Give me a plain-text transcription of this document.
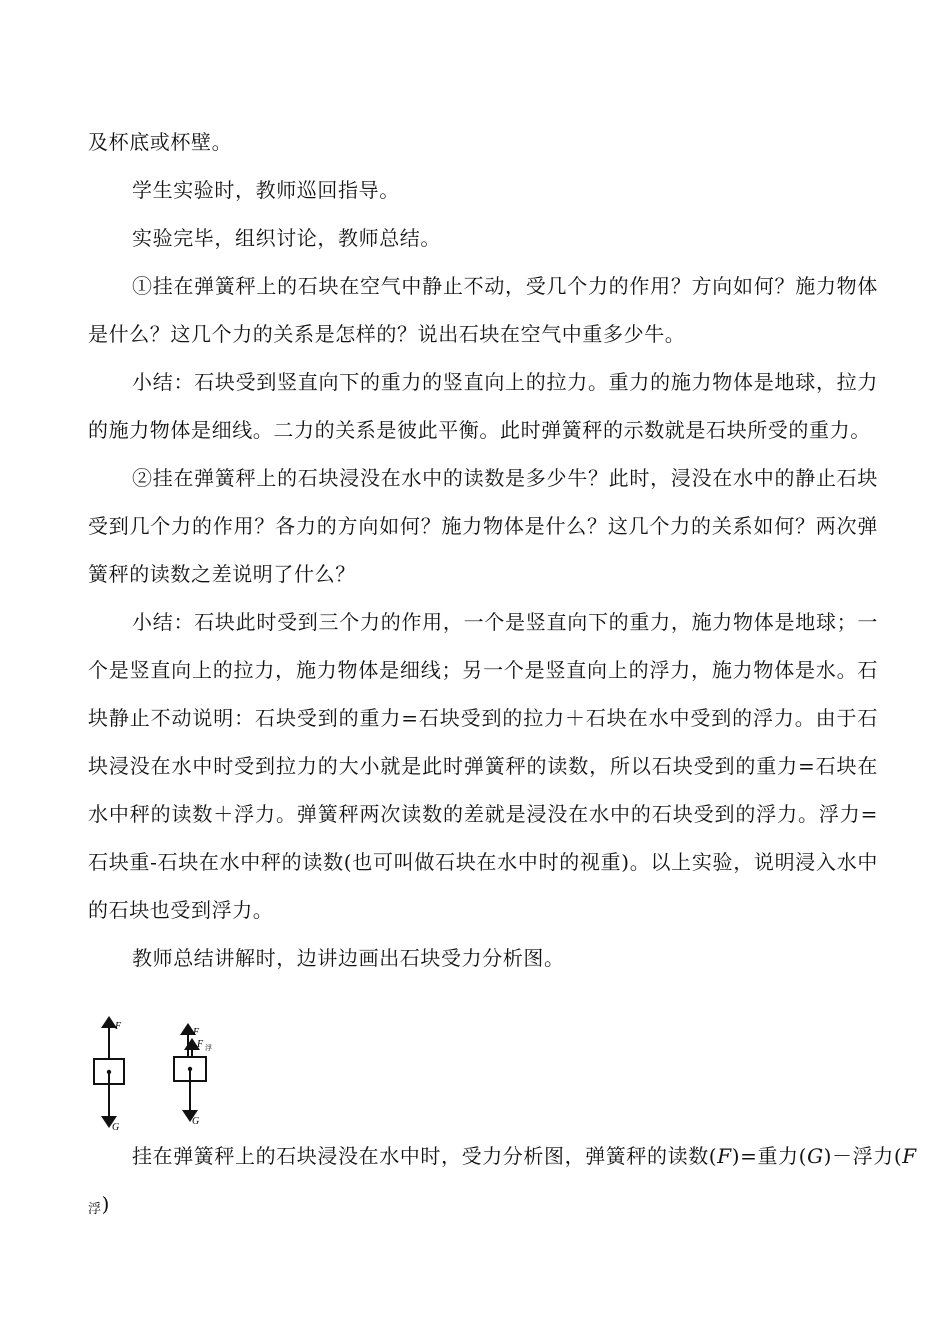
及杯底或杯壁。

学生实验时，教师巡回指导。

实验完毕，组织讨论，教师总结。

①挂在弹簧秤上的石块在空气中静止不动，受几个力的作用？方向如何？施力物体是什么？这几个力的关系是怎样的？说出石块在空气中重多少牛。

小结：石块受到竖直向下的重力的竖直向上的拉力。重力的施力物体是地球，拉力的施力物体是细线。二力的关系是彼此平衡。此时弹簧秤的示数就是石块所受的重力。

②挂在弹簧秤上的石块浸没在水中的读数是多少牛？此时，浸没在水中的静止石块受到几个力的作用？各力的方向如何？施力物体是什么？这几个力的关系如何？两次弹簧秤的读数之差说明了什么？

小结：石块此时受到三个力的作用，一个是竖直向下的重力，施力物体是地球；一个是竖直向上的拉力，施力物体是细线；另一个是竖直向上的浮力，施力物体是水。石块静止不动说明：石块受到的重力=石块受到的拉力＋石块在水中受到的浮力。由于石块浸没在水中时受到拉力的大小就是此时弹簧秤的读数，所以石块受到的重力=石块在水中秤的读数＋浮力。弹簧秤两次读数的差就是浸没在水中的石块受到的浮力。浮力=石块重-石块在水中秤的读数(也可叫做石块在水中时的视重)。以上实验，说明浸入水中的石块也受到浮力。

教师总结讲解时，边讲边画出石块受力分析图。

F
G
F
F 浮
G

挂在弹簧秤上的石块浸没在水中时，受力分析图，弹簧秤的读数(F)=重力(G)－浮力(F浮)
